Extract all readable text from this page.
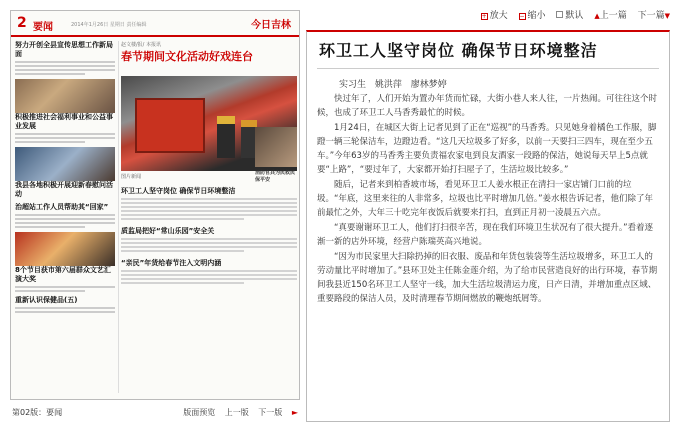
2 要闻	2014年1月26日 星期日 责任编辑	今日吉林
努力开创全县宣传思想工作新局面
积极推进社会福利事业和公益事业发展
我县各地积极开展迎新春慰问活动
治超站工作人员帮助其“回家”
8个节目获市第六届群众文艺汇演大奖
重新认识保健品(五)
赵文楼/报/ 本报讯
春节期间文化活动好戏连台
消防官兵为民救民保平安
图片新闻
环卫工人坚守岗位 确保节日环境整洁
质监局把好“常山乐园”安全关
“亲民”年货给春节注入文明内涵
第02版：要闻	版面预览 上一版 下一版 ►
+ 放大 − 缩小 默认 ▲上一篇 下一篇▼
环卫工人坚守岗位 确保节日环境整洁
实习生 姚洪萍 廖林梦婷

快过年了，人们开始为置办年货而忙碌，大街小巷人来人往，一片热闹。可往往这个时候，也成了环卫工人马香秀最忙的时候。

1月24日，在城区大街上记者见到了正在“巡视”的马香秀。只见她身着橘色工作服，脚蹬一辆三轮保洁车，边蹬边看。“这几天垃圾多了好多，以前一天要扫三四车，现在至少五车。”今年63岁的马香秀主要负责福农家电到良友酒家一段路的保洁，她说每天早上5点就要“上路”，“要过年了，大家都开始打扫屋子了，生活垃圾比较多。”

随后，记者来到柏香坡市场，看见环卫工人姜水根正在清扫一家店铺门口前的垃圾。“年底，这里来往的人非常多，垃圾也比平时增加几倍。”姜水根告诉记者，他们除了年前最忙之外，大年三十吃完年夜饭后就要来打扫，直到正月初一凌晨五六点。

“真要谢谢环卫工人，他们打扫很辛苦，现在我们环境卫生状况有了很大提升。”看着逐渐一新的店外环境，经营户陈瑞英高兴地说。

“因为市民家里大扫除扔掉的旧衣服、废品和年货包装袋等生活垃圾增多，环卫工人的劳动量比平时增加了。”县环卫处主任陈金莲介绍，为了给市民营造良好的出行环境，春节期间我县近150名环卫工人坚守一线，加大生活垃圾清运力度，日产日清，并增加重点区域、重要路段的保洁人员，及时清理春节期间燃放的鞭炮纸屑等。
